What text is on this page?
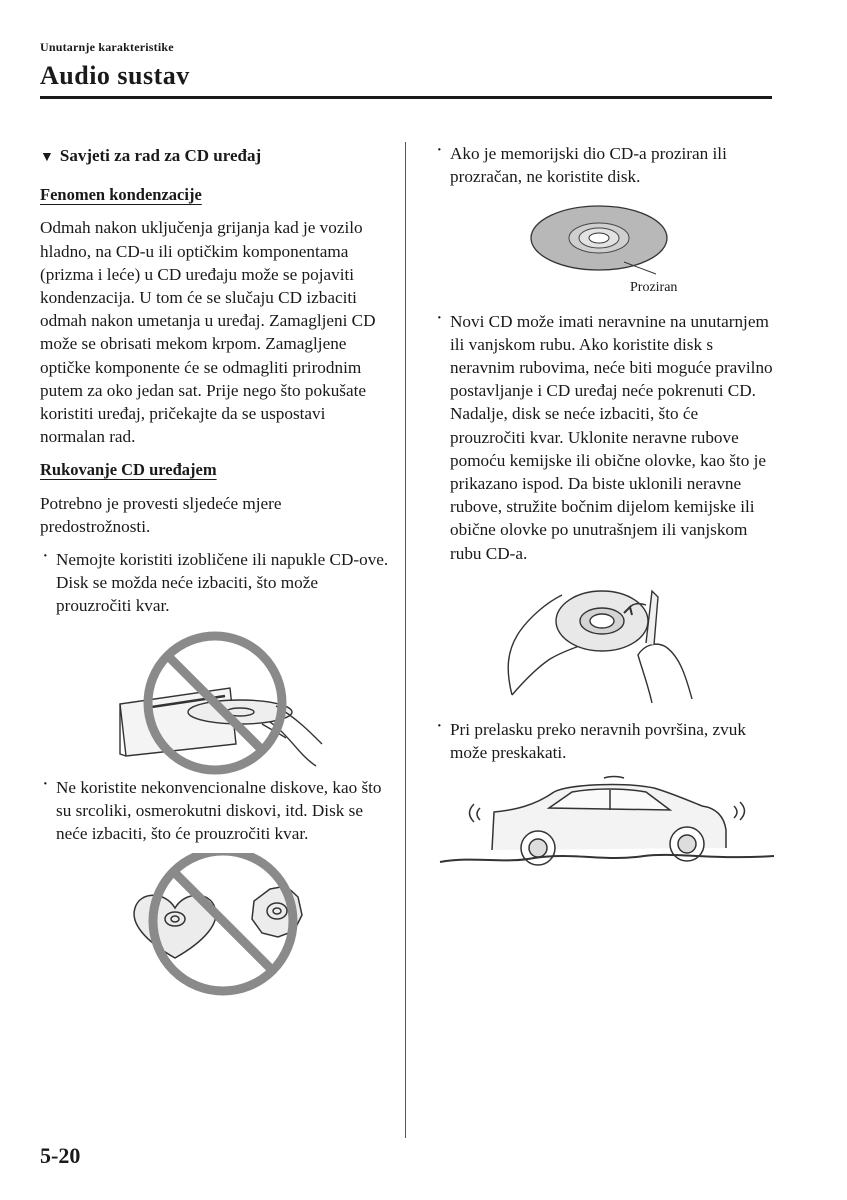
Unutarnje karakteristike
Audio sustav
▼ Savjeti za rad za CD uređaj
Fenomen kondenzacije

Odmah nakon uključenja grijanja kad je vozilo hladno, na CD-u ili optičkim komponentama (prizma i leće) u CD uređaju može se pojaviti kondenzacija. U tom će se slučaju CD izbaciti odmah nakon umetanja u uređaj. Zamagljeni CD može se obrisati mekom krpom. Zamagljene optičke komponente će se odmagliti prirodnim putem za oko jedan sat. Prije nego što pokušate koristiti uređaj, pričekajte da se uspostavi normalan rad.

Rukovanje CD uređajem

Potrebno je provesti sljedeće mjere predostrožnosti.

· Nemojte koristiti izobličene ili napukle CD-ove. Disk se možda neće izbaciti, što može prouzročiti kvar.
· Ne koristite nekonvencionalne diskove, kao što su srcoliki, osmerokutni diskovi, itd. Disk se neće izbaciti, što će prouzročiti kvar.
· Ako je memorijski dio CD-a proziran ili prozračan, ne koristite disk.
Proziran
· Novi CD može imati neravnine na unutarnjem ili vanjskom rubu. Ako koristite disk s neravnim rubovima, neće biti moguće pravilno postavljanje i CD uređaj neće pokrenuti CD. Nadalje, disk se neće izbaciti, što će prouzročiti kvar. Uklonite neravne rubove pomoću kemijske ili obične olovke, kao što je prikazano ispod. Da biste uklonili neravne rubove, stružite bočnim dijelom kemijske ili obične olovke po unutrašnjem ili vanjskom rubu CD-a.
· Pri prelasku preko neravnih površina, zvuk može preskakati.
5-20
